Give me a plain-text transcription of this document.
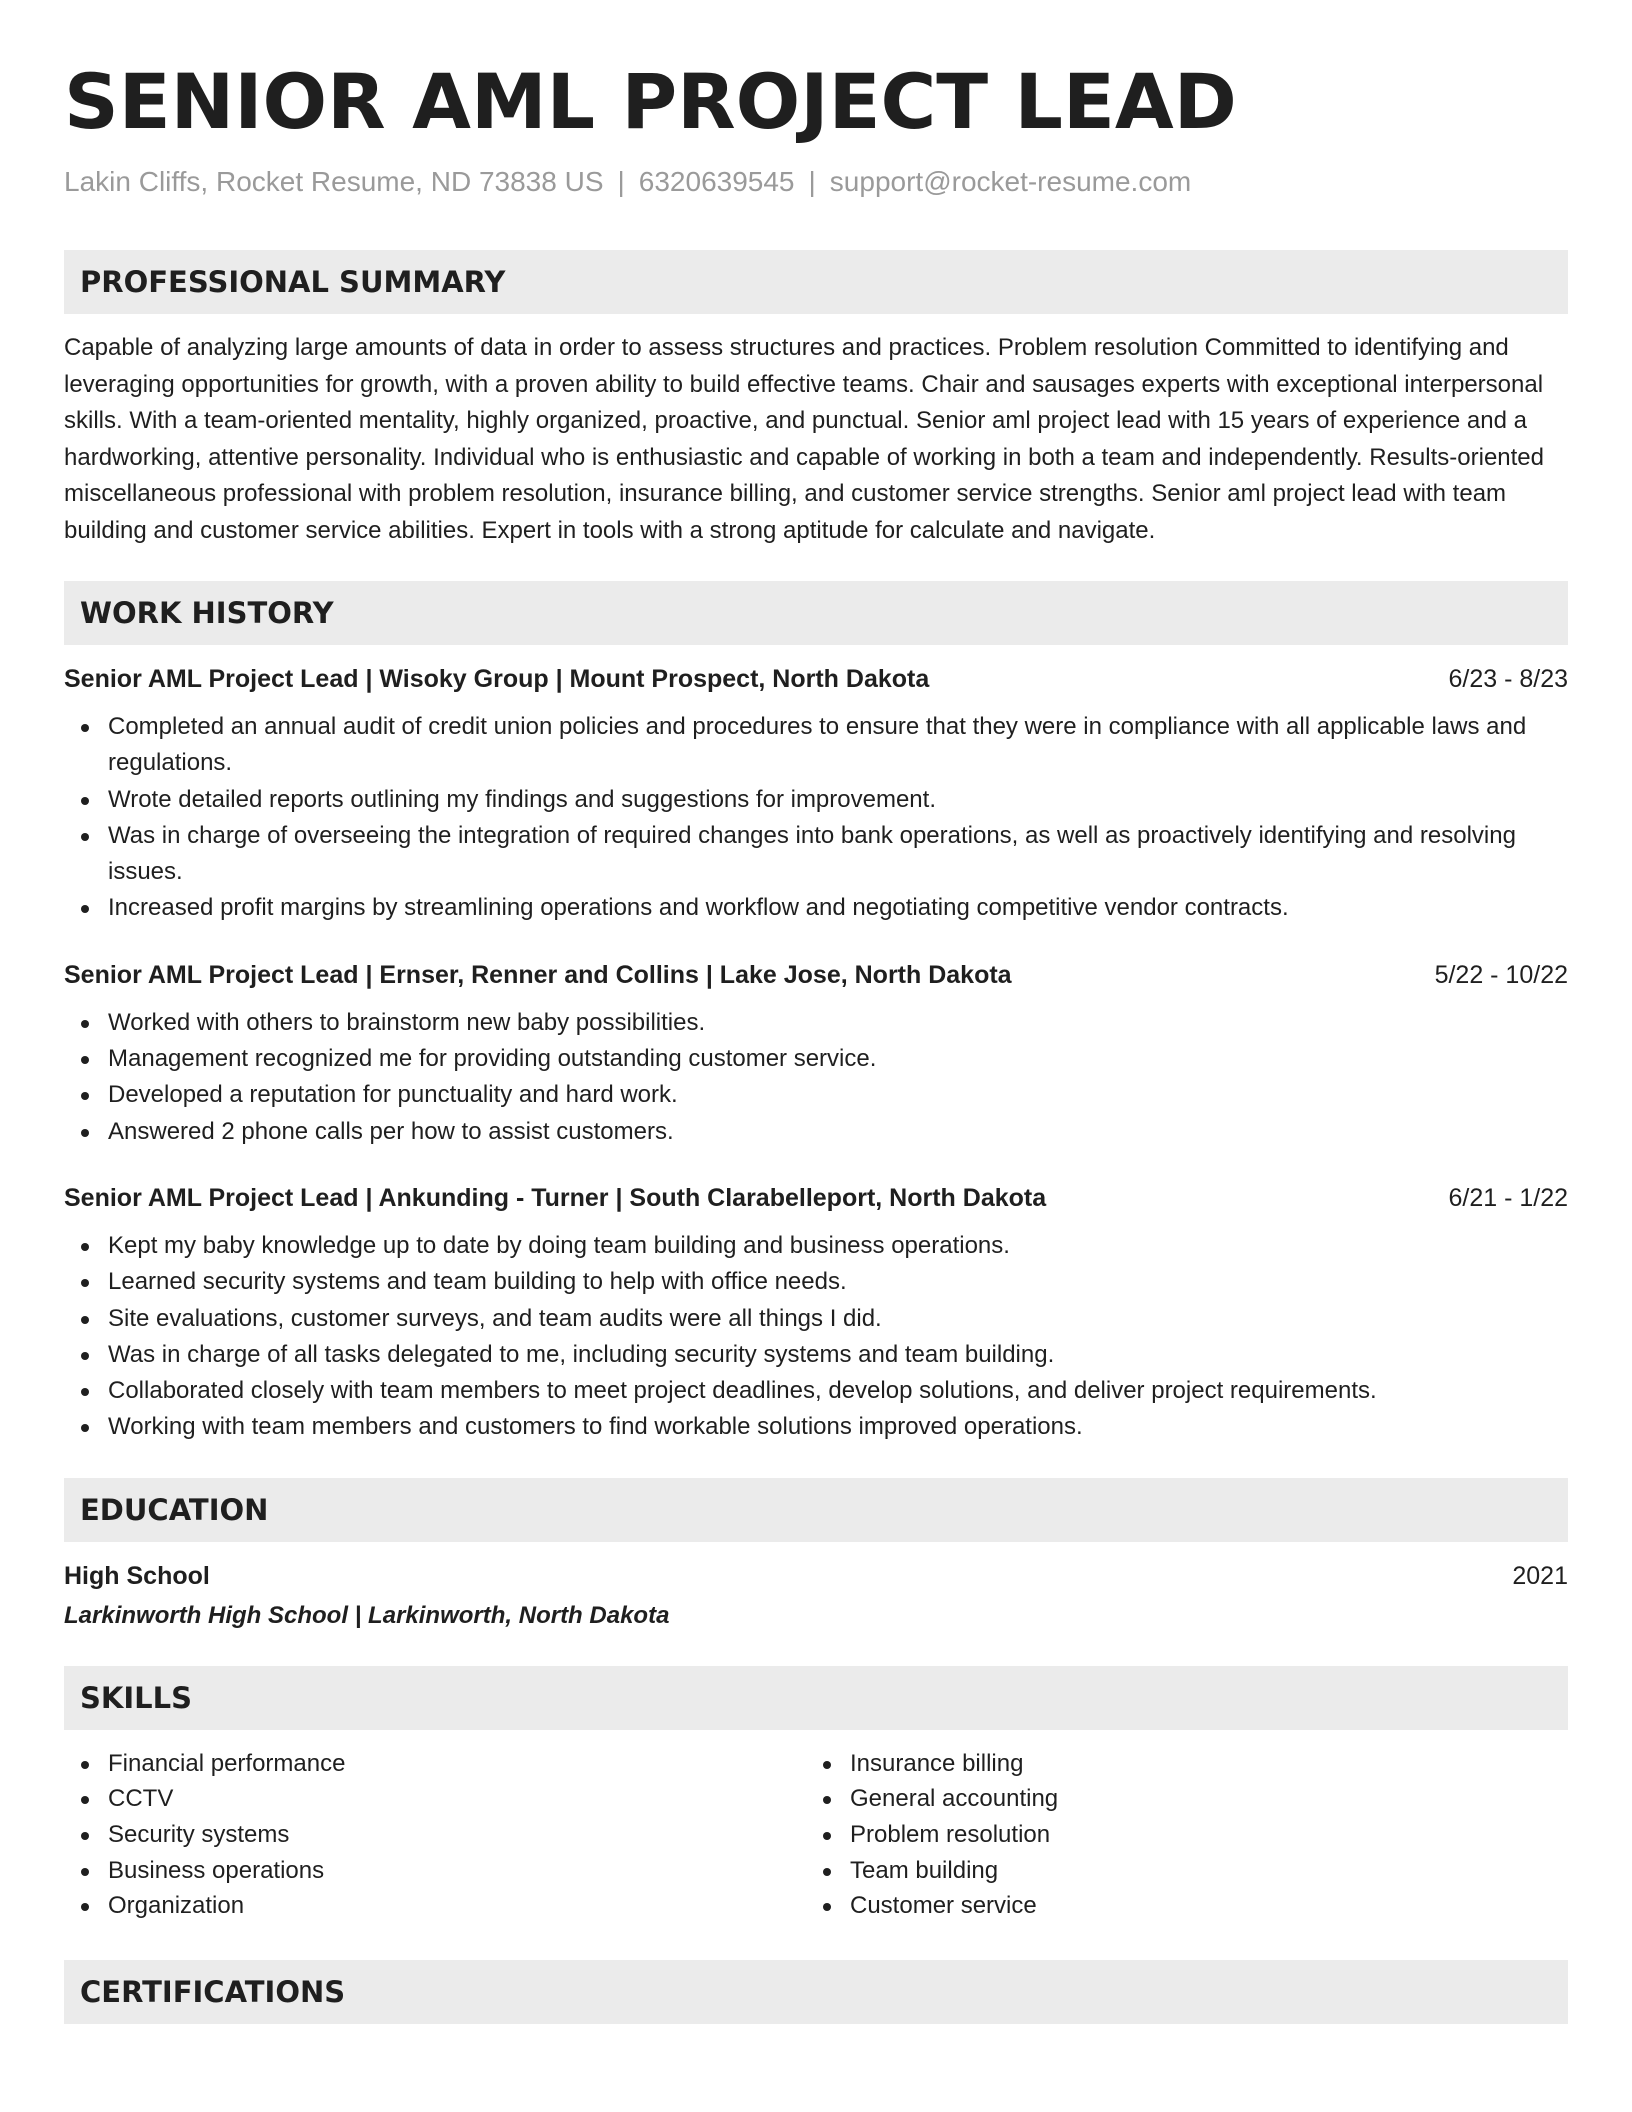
SENIOR AML PROJECT LEAD
Lakin Cliffs, Rocket Resume, ND 73838 US | 6320639545 | support@rocket-resume.com
PROFESSIONAL SUMMARY
Capable of analyzing large amounts of data in order to assess structures and practices. Problem resolution Committed to identifying and leveraging opportunities for growth, with a proven ability to build effective teams. Chair and sausages experts with exceptional interpersonal skills. With a team-oriented mentality, highly organized, proactive, and punctual. Senior aml project lead with 15 years of experience and a hardworking, attentive personality. Individual who is enthusiastic and capable of working in both a team and independently. Results-oriented miscellaneous professional with problem resolution, insurance billing, and customer service strengths. Senior aml project lead with team building and customer service abilities. Expert in tools with a strong aptitude for calculate and navigate.
WORK HISTORY
Senior AML Project Lead | Wisoky Group | Mount Prospect, North Dakota	6/23 - 8/23
Completed an annual audit of credit union policies and procedures to ensure that they were in compliance with all applicable laws and regulations.
Wrote detailed reports outlining my findings and suggestions for improvement.
Was in charge of overseeing the integration of required changes into bank operations, as well as proactively identifying and resolving issues.
Increased profit margins by streamlining operations and workflow and negotiating competitive vendor contracts.
Senior AML Project Lead | Ernser, Renner and Collins | Lake Jose, North Dakota	5/22 - 10/22
Worked with others to brainstorm new baby possibilities.
Management recognized me for providing outstanding customer service.
Developed a reputation for punctuality and hard work.
Answered 2 phone calls per how to assist customers.
Senior AML Project Lead | Ankunding - Turner | South Clarabelleport, North Dakota	6/21 - 1/22
Kept my baby knowledge up to date by doing team building and business operations.
Learned security systems and team building to help with office needs.
Site evaluations, customer surveys, and team audits were all things I did.
Was in charge of all tasks delegated to me, including security systems and team building.
Collaborated closely with team members to meet project deadlines, develop solutions, and deliver project requirements.
Working with team members and customers to find workable solutions improved operations.
EDUCATION
High School	2021
Larkinworth High School | Larkinworth, North Dakota
SKILLS
Financial performance
CCTV
Security systems
Business operations
Organization
Insurance billing
General accounting
Problem resolution
Team building
Customer service
CERTIFICATIONS
